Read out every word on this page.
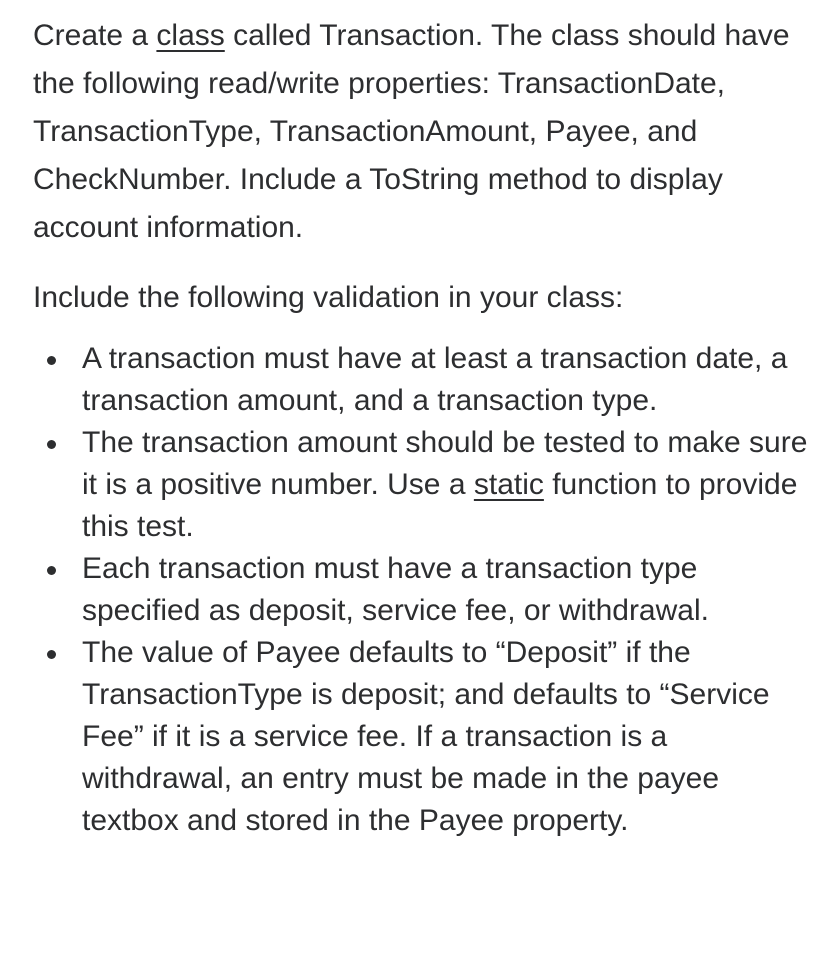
Create a class called Transaction. The class should have the following read/write properties: TransactionDate, TransactionType, TransactionAmount, Payee, and CheckNumber. Include a ToString method to display account information.

Include the following validation in your class:

A transaction must have at least a transaction date, a transaction amount, and a transaction type.
The transaction amount should be tested to make sure it is a positive number. Use a static function to provide this test.
Each transaction must have a transaction type specified as deposit, service fee, or withdrawal.
The value of Payee defaults to “Deposit” if the TransactionType is deposit; and defaults to “Service Fee” if it is a service fee. If a transaction is a withdrawal, an entry must be made in the payee textbox and stored in the Payee property.
